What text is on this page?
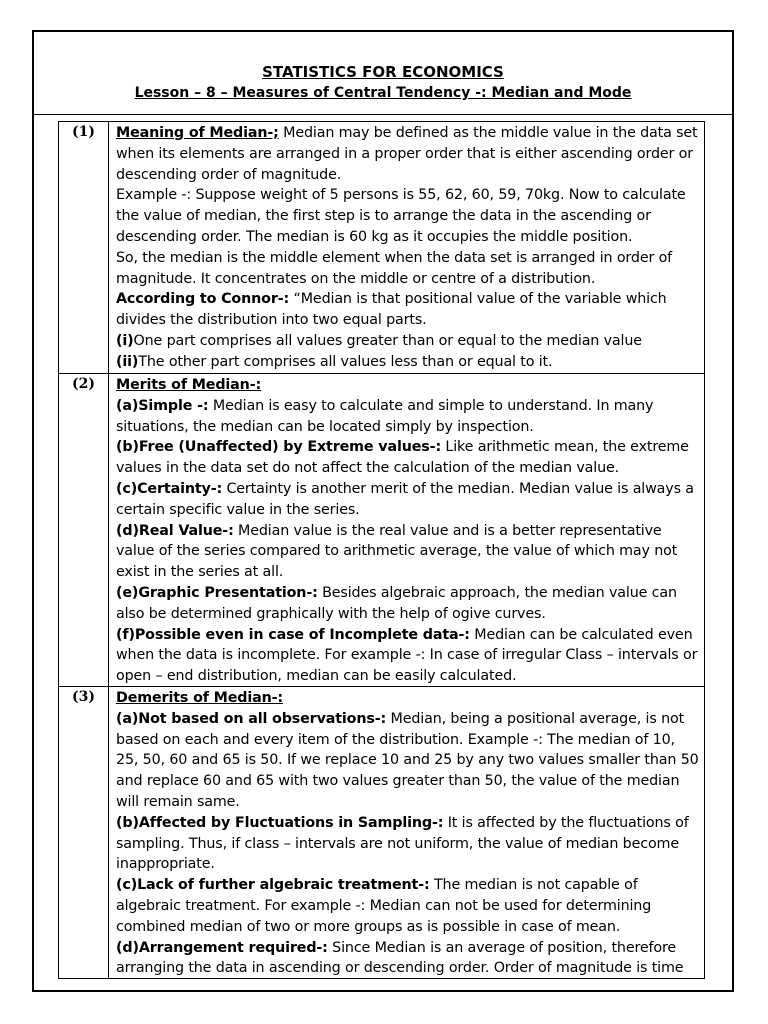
STATISTICS FOR ECONOMICS
Lesson – 8 – Measures of Central Tendency -: Median and Mode
(1)	Meaning of Median-; Median may be defined as the middle value in the data set when its elements are arranged in a proper order that is either ascending order or descending order of magnitude.

Example -: Suppose weight of 5 persons is 55, 62, 60, 59, 70kg. Now to calculate the value of median, the first step is to arrange the data in the ascending or descending order. The median is 60 kg as it occupies the middle position.

So, the median is the middle element when the data set is arranged in order of magnitude. It concentrates on the middle or centre of a distribution.

According to Connor-: “Median is that positional value of the variable which divides the distribution into two equal parts.

(i)One part comprises all values greater than or equal to the median value

(ii)The other part comprises all values less than or equal to it.

(2)	Merits of Median-:

(a)Simple -: Median is easy to calculate and simple to understand. In many situations, the median can be located simply by inspection.

(b)Free (Unaffected) by Extreme values-: Like arithmetic mean, the extreme values in the data set do not affect the calculation of the median value.

(c)Certainty-: Certainty is another merit of the median. Median value is always a certain specific value in the series.

(d)Real Value-: Median value is the real value and is a better representative value of the series compared to arithmetic average, the value of which may not exist in the series at all.

(e)Graphic Presentation-: Besides algebraic approach, the median value can also be determined graphically with the help of ogive curves.

(f)Possible even in case of Incomplete data-: Median can be calculated even when the data is incomplete. For example -: In case of irregular Class – intervals or open – end distribution, median can be easily calculated.

(3)	Demerits of Median-:

(a)Not based on all observations-: Median, being a positional average, is not based on each and every item of the distribution. Example -: The median of 10, 25, 50, 60 and 65 is 50. If we replace 10 and 25 by any two values smaller than 50 and replace 60 and 65 with two values greater than 50, the value of the median will remain same.

(b)Affected by Fluctuations in Sampling-: It is affected by the fluctuations of sampling. Thus, if class – intervals are not uniform, the value of median become inappropriate.

(c)Lack of further algebraic treatment-: The median is not capable of algebraic treatment. For example -: Median can not be used for determining combined median of two or more groups as is possible in case of mean.

(d)Arrangement required-: Since Median is an average of position, therefore arranging the data in ascending or descending order. Order of magnitude is time
